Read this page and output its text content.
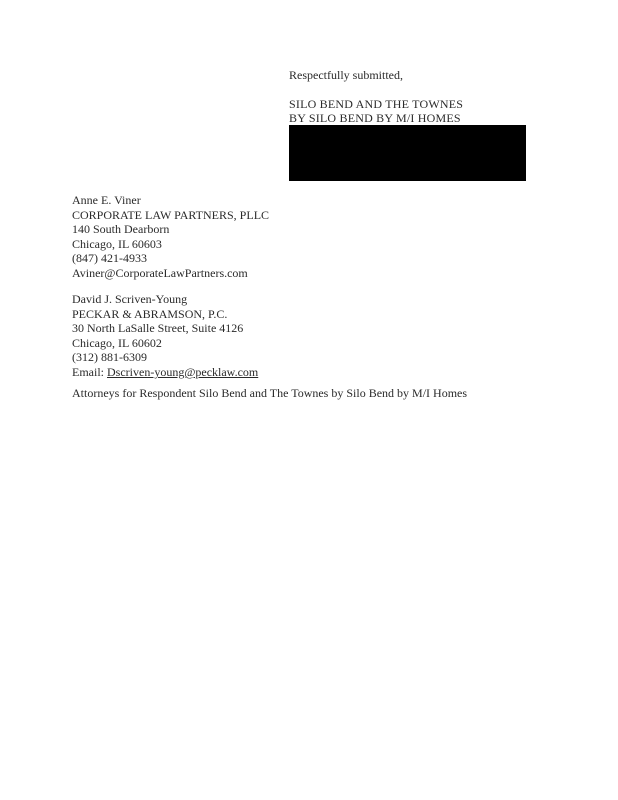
Respectfully submitted,
SILO BEND AND THE TOWNES
BY SILO BEND BY M/I HOMES
Anne E. Viner
CORPORATE LAW PARTNERS, PLLC
140 South Dearborn
Chicago, IL 60603
(847) 421-4933
Aviner@CorporateLawPartners.com
David J. Scriven-Young
PECKAR & ABRAMSON, P.C.
30 North LaSalle Street, Suite 4126
Chicago, IL 60602
(312) 881-6309
Email: Dscriven-young@pecklaw.com
Attorneys for Respondent Silo Bend and The Townes by Silo Bend by M/I Homes
